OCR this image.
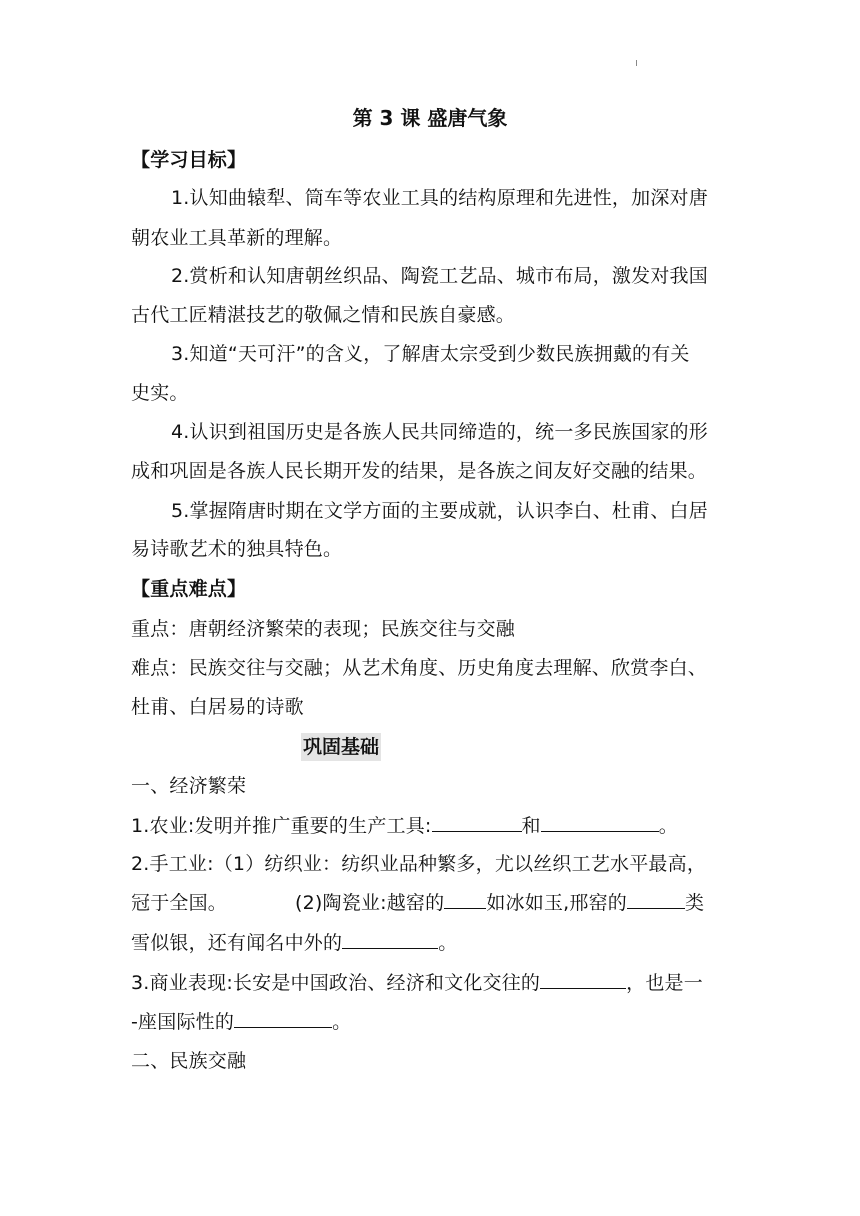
第 3 课 盛唐气象
【学习目标】
1.认知曲辕犁、筒车等农业工具的结构原理和先进性，加深对唐
朝农业工具革新的理解。
2.赏析和认知唐朝丝织品、陶瓷工艺品、城市布局，激发对我国
古代工匠精湛技艺的敬佩之情和民族自豪感。
3.知道“天可汗”的含义，了解唐太宗受到少数民族拥戴的有关
史实。
4.认识到祖国历史是各族人民共同缔造的，统一多民族国家的形
成和巩固是各族人民长期开发的结果，是各族之间友好交融的结果。
5.掌握隋唐时期在文学方面的主要成就，认识李白、杜甫、白居
易诗歌艺术的独具特色。
【重点难点】
重点：唐朝经济繁荣的表现；民族交往与交融
难点：民族交往与交融；从艺术角度、历史角度去理解、欣赏李白、
杜甫、白居易的诗歌
巩固基础
一、经济繁荣
1.农业:发明并推广重要的生产工具:	和	。
2.手工业:（1）纺织业：纺织业品种繁多，尤以丝织工艺水平最高，
冠于全国。	(2)陶瓷业:越窑的 如冰如玉,邢窑的	类
雪似银，还有闻名中外的	。
3.商业表现:长安是中国政治、经济和文化交往的	，也是一
-座国际性的	。
二、民族交融
